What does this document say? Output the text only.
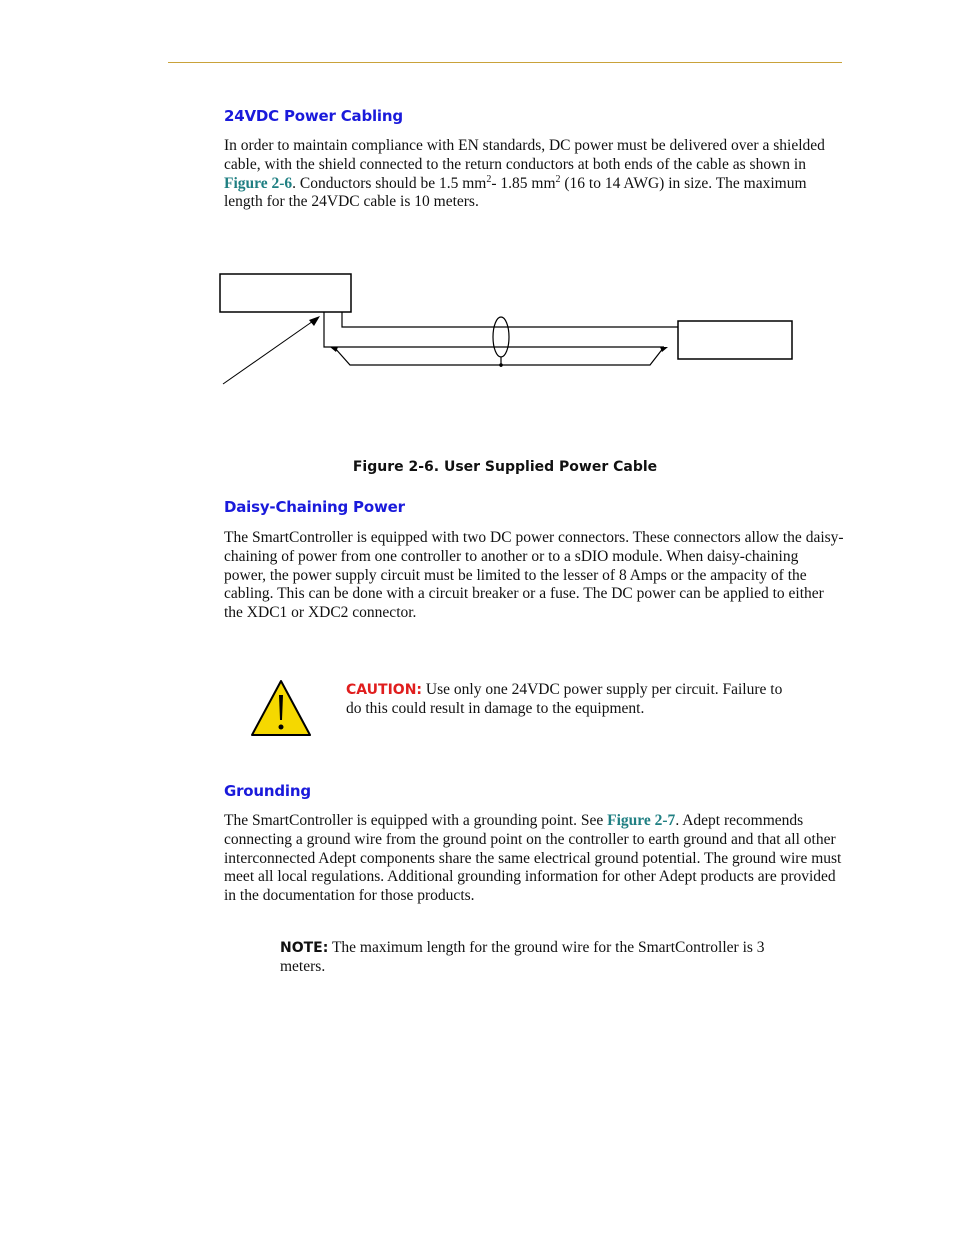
24VDC Power Cabling

In order to maintain compliance with EN standards, DC power must be delivered over a shielded cable, with the shield connected to the return conductors at both ends of the cable as shown in Figure 2-6. Conductors should be 1.5 $mm^2-$ 1.85 $mm^2$ (16 to 14 AWG) in size. The maximum length for the 24VDC cable is 10 meters.

Figure 2-6. User Supplied Power Cable

Daisy-Chaining Power

The SmartController is equipped with two DC power connectors. These connectors allow the daisy-chaining of power from one controller to another or to a sDIO module. When daisy-chaining power, the power supply circuit must be limited to the lesser of 8 Amps or the ampacity of the cabling. This can be done with a circuit breaker or a fuse. The DC power can be applied to either the XDC1 or XDC2 connector.

CAUTION: Use only one 24VDC power supply per circuit. Failure to do this could result in damage to the equipment.

Grounding

The SmartController is equipped with a grounding point. See Figure 2-7. Adept recommends connecting a ground wire from the ground point on the controller to earth ground and that all other interconnected Adept components share the same electrical ground potential. The ground wire must meet all local regulations. Additional grounding information for other Adept products are provided in the documentation for those products.

NOTE: The maximum length for the ground wire for the SmartController is 3 meters.
